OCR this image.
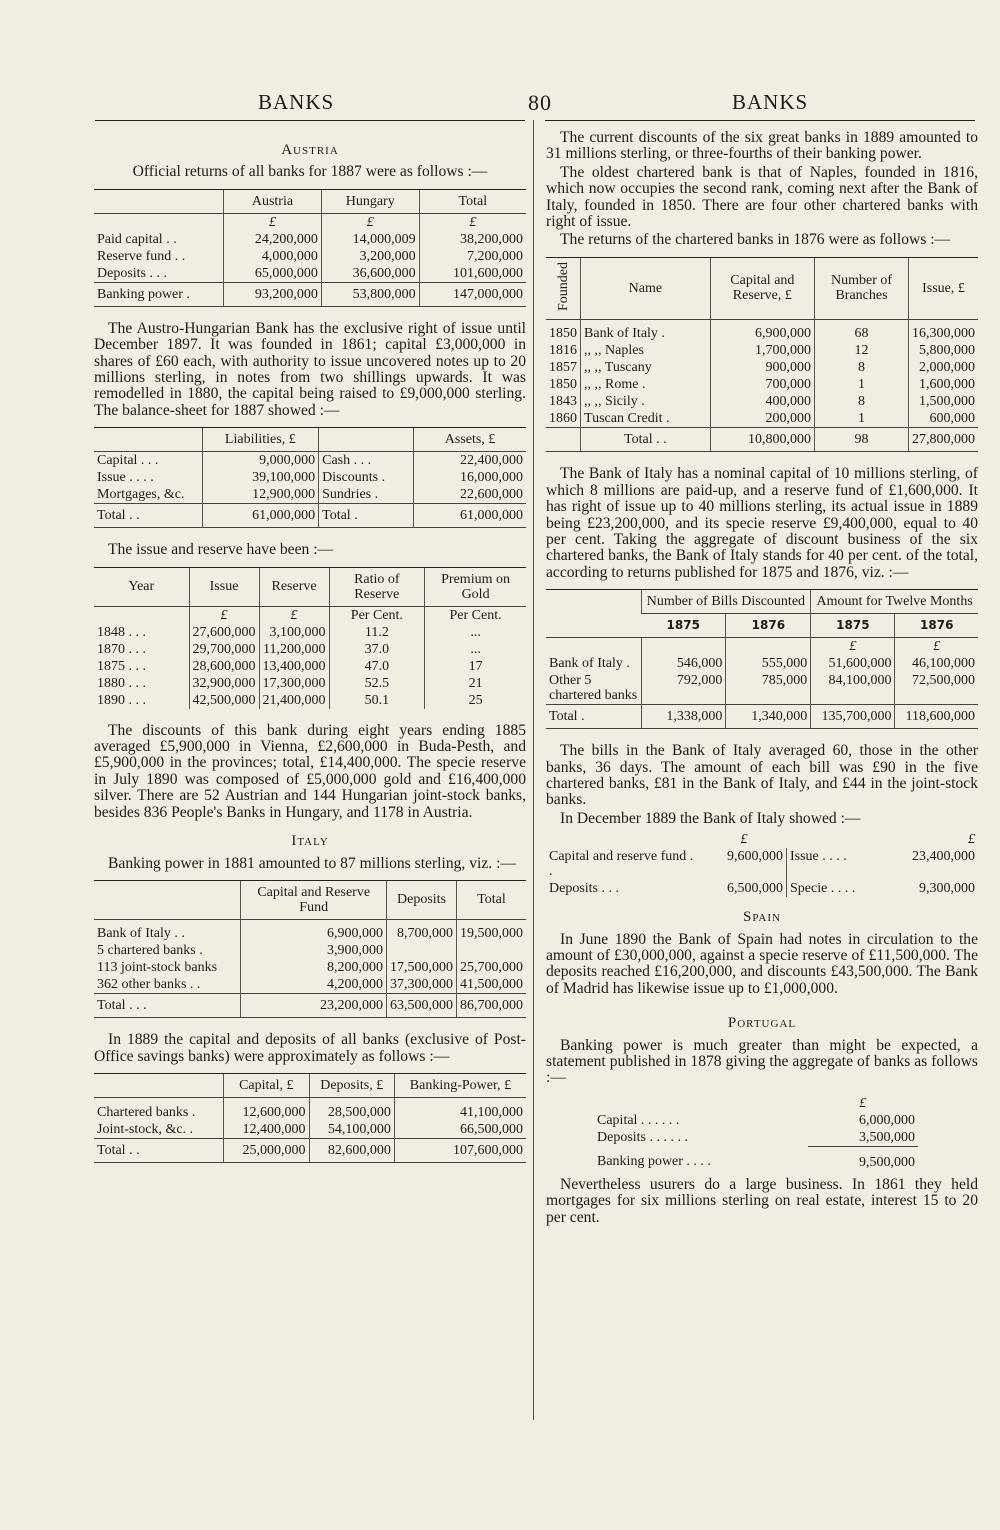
BANKS	80	BANKS
Austria
Official returns of all banks for 1887 were as follows :—
	Austria	Hungary	Total
	£	£	£
Paid capital . .	24,200,000	14,000,009	38,200,000
Reserve fund . .	4,000,000	3,200,000	7,200,000
Deposits . . .	65,000,000	36,600,000	101,600,000
Banking power .	93,200,000	53,800,000	147,000,000
The Austro-Hungarian Bank has the exclusive right of issue until December 1897. It was founded in 1861; capital £3,000,000 in shares of £60 each, with authority to issue uncovered notes up to 20 millions sterling, in notes from two shillings upwards. It was remodelled in 1880, the capital being raised to £9,000,000 sterling. The balance-sheet for 1887 showed :—
	Liabilities, £		Assets, £
Capital . . .	9,000,000	Cash . . .	22,400,000
Issue . . . .	39,100,000	Discounts .	16,000,000
Mortgages, &c.	12,900,000	Sundries .	22,600,000
Total . .	61,000,000	Total .	61,000,000
The issue and reserve have been :—
Year	Issue	Reserve	Ratio of Reserve	Premium on Gold
	£	£	Per Cent.	Per Cent.
1848 . . .	27,600,000	3,100,000	11.2	...
1870 . . .	29,700,000	11,200,000	37.0	...
1875 . . .	28,600,000	13,400,000	47.0	17
1880 . . .	32,900,000	17,300,000	52.5	21
1890 . . .	42,500,000	21,400,000	50.1	25
The discounts of this bank during eight years ending 1885 averaged £5,900,000 in Vienna, £2,600,000 in Buda-Pesth, and £5,900,000 in the provinces; total, £14,400,000. The specie reserve in July 1890 was composed of £5,000,000 gold and £16,400,000 silver. There are 52 Austrian and 144 Hungarian joint-stock banks, besides 836 People's Banks in Hungary, and 1178 in Austria.
Italy
Banking power in 1881 amounted to 87 millions sterling, viz. :—
	Capital and Reserve Fund	Deposits	Total

Bank of Italy . .	6,900,000	8,700,000	19,500,000
5 chartered banks .	3,900,000		
113 joint-stock banks	8,200,000	17,500,000	25,700,000
362 other banks . .	4,200,000	37,300,000	41,500,000
Total . . .	23,200,000	63,500,000	86,700,000
In 1889 the capital and deposits of all banks (exclusive of Post-Office savings banks) were approximately as follows :—
	Capital, £	Deposits, £	Banking-Power, £

Chartered banks .	12,600,000	28,500,000	41,100,000
Joint-stock, &c. .	12,400,000	54,100,000	66,500,000
Total . .	25,000,000	82,600,000	107,600,000
The current discounts of the six great banks in 1889 amounted to 31 millions sterling, or three-fourths of their banking power.
The oldest chartered bank is that of Naples, founded in 1816, which now occupies the second rank, coming next after the Bank of Italy, founded in 1850. There are four other chartered banks with right of issue.
The returns of the chartered banks in 1876 were as follows :—
Founded	Name	Capital and Reserve, £	Number of Branches	Issue, £

1850	Bank of Italy .	6,900,000	68	16,300,000
1816	,, ,, Naples	1,700,000	12	5,800,000
1857	,, ,, Tuscany	900,000	8	2,000,000
1850	,, ,, Rome .	700,000	1	1,600,000
1843	,, ,, Sicily .	400,000	8	1,500,000
1860	Tuscan Credit .	200,000	1	600,000
	Total . .	10,800,000	98	27,800,000
The Bank of Italy has a nominal capital of 10 millions sterling, of which 8 millions are paid-up, and a reserve fund of £1,600,000. It has right of issue up to 40 millions sterling, its actual issue in 1889 being £23,200,000, and its specie reserve £9,400,000, equal to 40 per cent. Taking the aggregate of discount business of the six chartered banks, the Bank of Italy stands for 40 per cent. of the total, according to returns published for 1875 and 1876, viz. :—
	Number of Bills Discounted		Amount for Twelve Months	
	1875	1876	1875	1876
			£	£
Bank of Italy .	546,000	555,000	51,600,000	46,100,000
Other 5 chartered banks	792,000	785,000	84,100,000	72,500,000
Total .	1,338,000	1,340,000	135,700,000	118,600,000
The bills in the Bank of Italy averaged 60, those in the other banks, 36 days. The amount of each bill was £90 in the five chartered banks, £81 in the Bank of Italy, and £44 in the joint-stock banks.
In December 1889 the Bank of Italy showed :—
	£		£
Capital and reserve fund . .	9,600,000	Issue . . . .	23,400,000
Deposits . . .	6,500,000	Specie . . . .	9,300,000
Spain
In June 1890 the Bank of Spain had notes in circulation to the amount of £30,000,000, against a specie reserve of £11,500,000. The deposits reached £16,200,000, and discounts £43,500,000. The Bank of Madrid has likewise issue up to £1,000,000.
Portugal
Banking power is much greater than might be expected, a statement published in 1878 giving the aggregate of banks as follows :—
	£
Capital . . . . . .	6,000,000
Deposits . . . . . .	3,500,000
Banking power . . . .	9,500,000
Nevertheless usurers do a large business. In 1861 they held mortgages for six millions sterling on real estate, interest 15 to 20 per cent.
